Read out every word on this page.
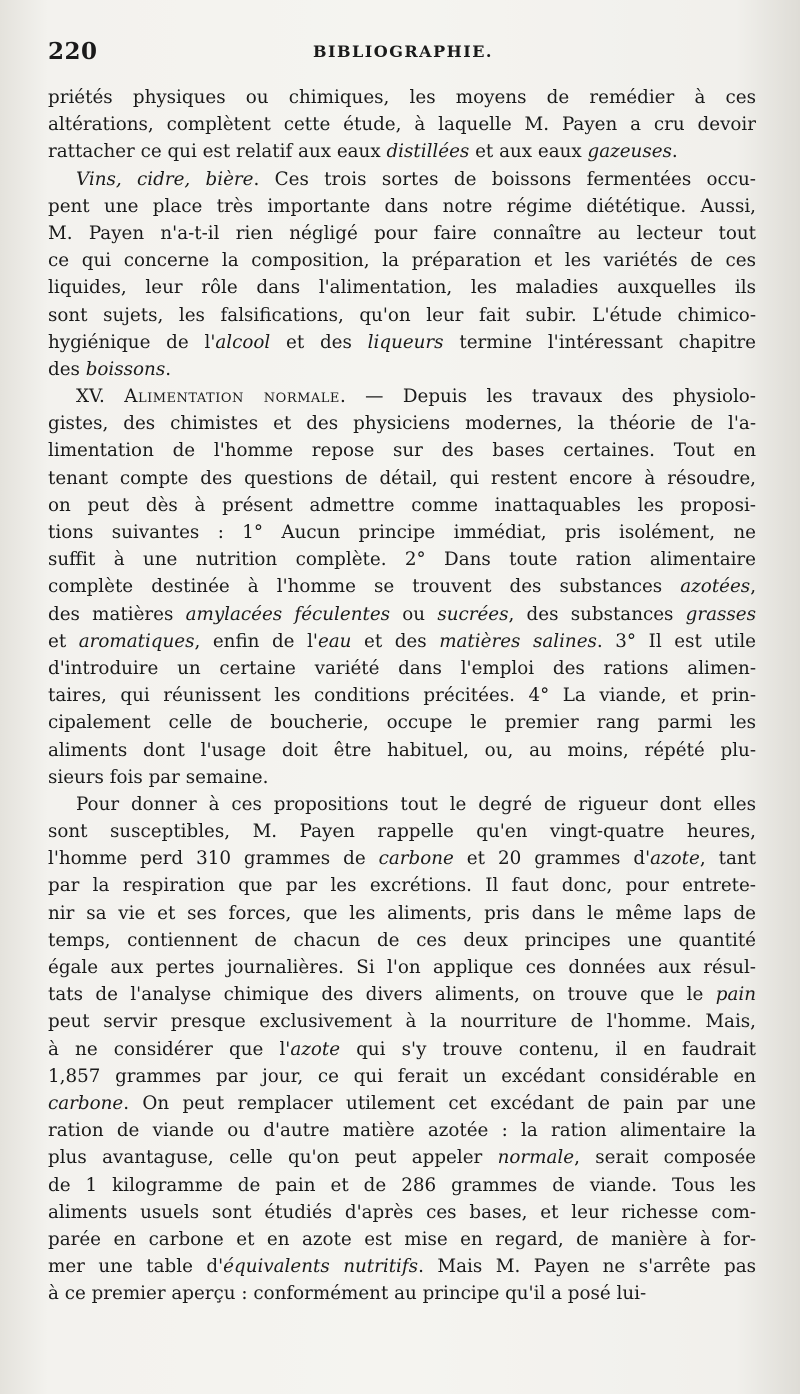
220	BIBLIOGRAPHIE.
priétés physiques ou chimiques, les moyens de remédier à ces
altérations, complètent cette étude, à laquelle M. Payen a cru devoir
rattacher ce qui est relatif aux eaux distillées et aux eaux gazeuses.
Vins, cidre, bière. Ces trois sortes de boissons fermentées occu-
pent une place très importante dans notre régime diététique. Aussi,
M. Payen n'a-t-il rien négligé pour faire connaître au lecteur tout
ce qui concerne la composition, la préparation et les variétés de ces
liquides, leur rôle dans l'alimentation, les maladies auxquelles ils
sont sujets, les falsifications, qu'on leur fait subir. L'étude chimico-
hygiénique de l'alcool et des liqueurs termine l'intéressant chapitre
des boissons.
XV. Alimentation normale. — Depuis les travaux des physiolo-
gistes, des chimistes et des physiciens modernes, la théorie de l'a-
limentation de l'homme repose sur des bases certaines. Tout en
tenant compte des questions de détail, qui restent encore à résoudre,
on peut dès à présent admettre comme inattaquables les proposi-
tions suivantes : 1° Aucun principe immédiat, pris isolément, ne
suffit à une nutrition complète. 2° Dans toute ration alimentaire
complète destinée à l'homme se trouvent des substances azotées,
des matières amylacées féculentes ou sucrées, des substances grasses
et aromatiques, enfin de l'eau et des matières salines. 3° Il est utile
d'introduire un certaine variété dans l'emploi des rations alimen-
taires, qui réunissent les conditions précitées. 4° La viande, et prin-
cipalement celle de boucherie, occupe le premier rang parmi les
aliments dont l'usage doit être habituel, ou, au moins, répété plu-
sieurs fois par semaine.
Pour donner à ces propositions tout le degré de rigueur dont elles
sont susceptibles, M. Payen rappelle qu'en vingt-quatre heures,
l'homme perd 310 grammes de carbone et 20 grammes d'azote, tant
par la respiration que par les excrétions. Il faut donc, pour entrete-
nir sa vie et ses forces, que les aliments, pris dans le même laps de
temps, contiennent de chacun de ces deux principes une quantité
égale aux pertes journalières. Si l'on applique ces données aux résul-
tats de l'analyse chimique des divers aliments, on trouve que le pain
peut servir presque exclusivement à la nourriture de l'homme. Mais,
à ne considérer que l'azote qui s'y trouve contenu, il en faudrait
1,857 grammes par jour, ce qui ferait un excédant considérable en
carbone. On peut remplacer utilement cet excédant de pain par une
ration de viande ou d'autre matière azotée : la ration alimentaire la
plus avantaguse, celle qu'on peut appeler normale, serait composée
de 1 kilogramme de pain et de 286 grammes de viande. Tous les
aliments usuels sont étudiés d'après ces bases, et leur richesse com-
parée en carbone et en azote est mise en regard, de manière à for-
mer une table d'équivalents nutritifs. Mais M. Payen ne s'arrête pas
à ce premier aperçu : conformément au principe qu'il a posé lui-
